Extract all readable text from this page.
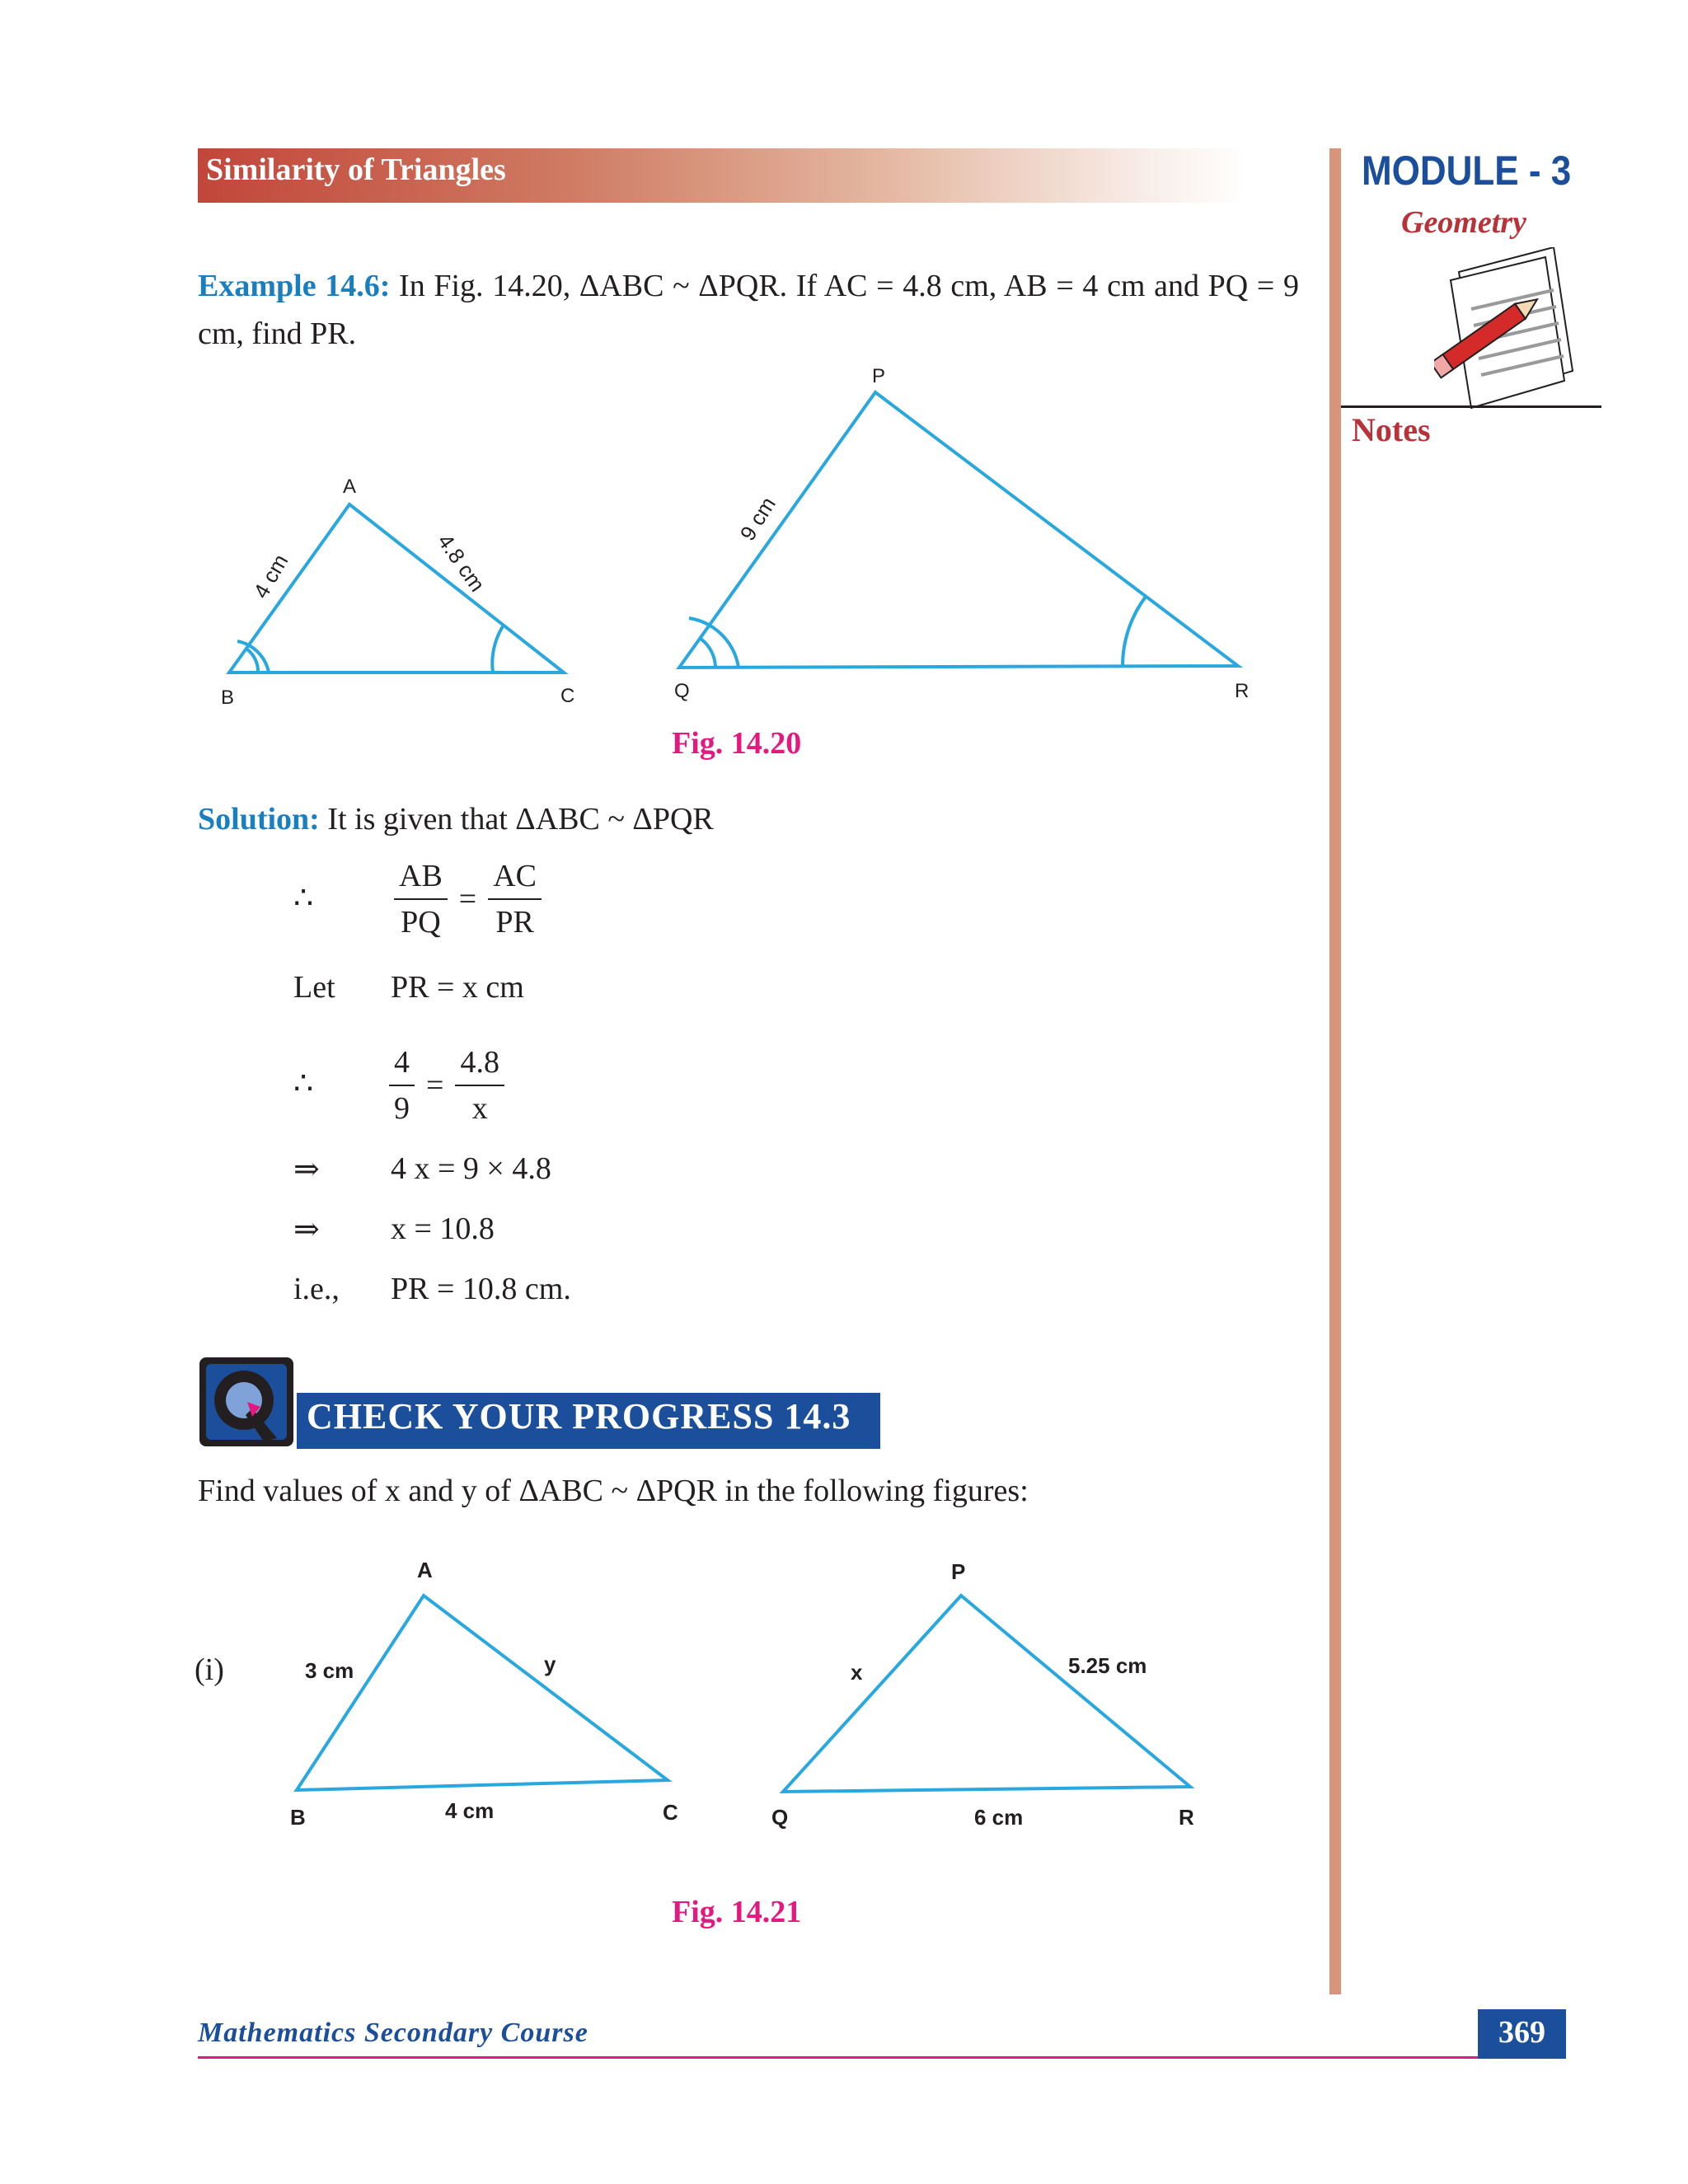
Similarity of Triangles	MODULE - 3
Geometry
Notes
Example 14.6: In Fig. 14.20, ΔABC ~ ΔPQR. If AC = 4.8 cm, AB = 4 cm and PQ = 9 cm, find PR.
A
B	C
4 cm	4.8 cm
P
Q	R
9 cm
Fig. 14.20
Solution: It is given that ΔABC ~ ΔPQR
∴	$\frac{AB}{PQ} = \frac{AC}{PR}$
Let PR = x cm
∴ $\frac{4}{9} = \frac{4.8}{x}$
⇒ 4 x = 9 × 4.8
⇒ x = 10.8
i.e., PR = 10.8 cm.
CHECK YOUR PROGRESS 14.3
Find values of x and y of ΔABC ~ ΔPQR in the following figures:
(i)
A
B	C
3 cm	y
4 cm
P
Q	R
x	5.25 cm
6 cm
Fig. 14.21
Mathematics Secondary Course	369
